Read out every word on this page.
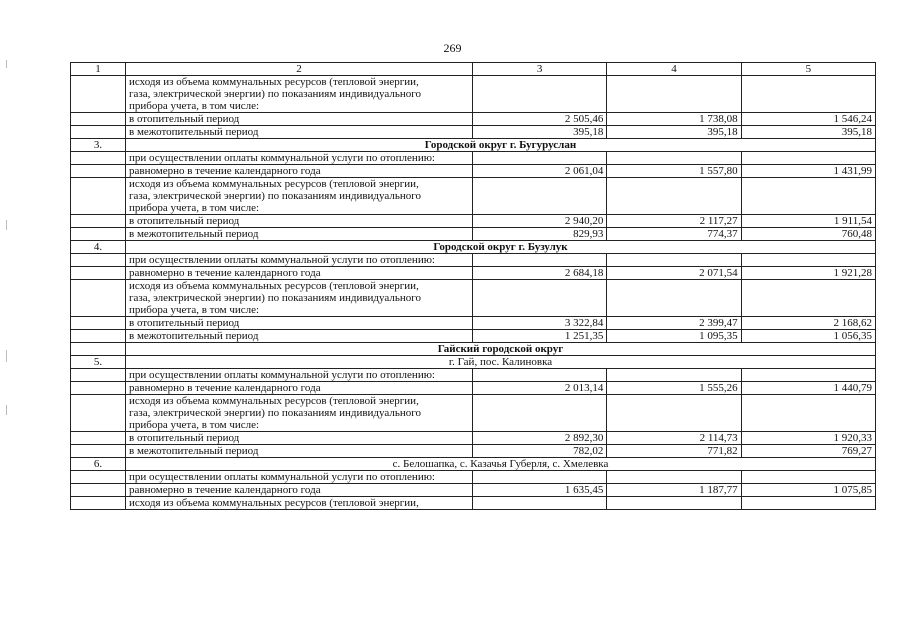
269
1	2	3	4	5

	исходя из объема коммунальных ресурсов (тепловой энергии,
газа, электрической энергии) по показаниям индивидуального
прибора учета, в том числе:			

	в отопительный период	2 505,46	1 738,08	1 546,24
	в межотопительный период	395,18	395,18	395,18
3.	Городской округ г. Бугуруслан			
	при осуществлении оплаты коммунальной услуги по отоплению:			
	равномерно в течение календарного года	2 061,04	1 557,80	1 431,99

	исходя из объема коммунальных ресурсов (тепловой энергии,
газа, электрической энергии) по показаниям индивидуального
прибора учета, в том числе:			

	в отопительный период	2 940,20	2 117,27	1 911,54
	в межотопительный период	829,93	774,37	760,48
4.	Городской округ г. Бузулук			
	при осуществлении оплаты коммунальной услуги по отоплению:			
	равномерно в течение календарного года	2 684,18	2 071,54	1 921,28

	исходя из объема коммунальных ресурсов (тепловой энергии,
газа, электрической энергии) по показаниям индивидуального
прибора учета, в том числе:			

	в отопительный период	3 322,84	2 399,47	2 168,62
	в межотопительный период	1 251,35	1 095,35	1 056,35
	Гайский городской округ			
5.	г. Гай, пос. Калиновка			
	при осуществлении оплаты коммунальной услуги по отоплению:			
	равномерно в течение календарного года	2 013,14	1 555,26	1 440,79

	исходя из объема коммунальных ресурсов (тепловой энергии,
газа, электрической энергии) по показаниям индивидуального
прибора учета, в том числе:			

	в отопительный период	2 892,30	2 114,73	1 920,33
	в межотопительный период	782,02	771,82	769,27
6.	с. Белошапка, с. Казачья Губерля, с. Хмелевка			
	при осуществлении оплаты коммунальной услуги по отоплению:			
	равномерно в течение календарного года	1 635,45	1 187,77	1 075,85
	исходя из объема коммунальных ресурсов (тепловой энергии,			
